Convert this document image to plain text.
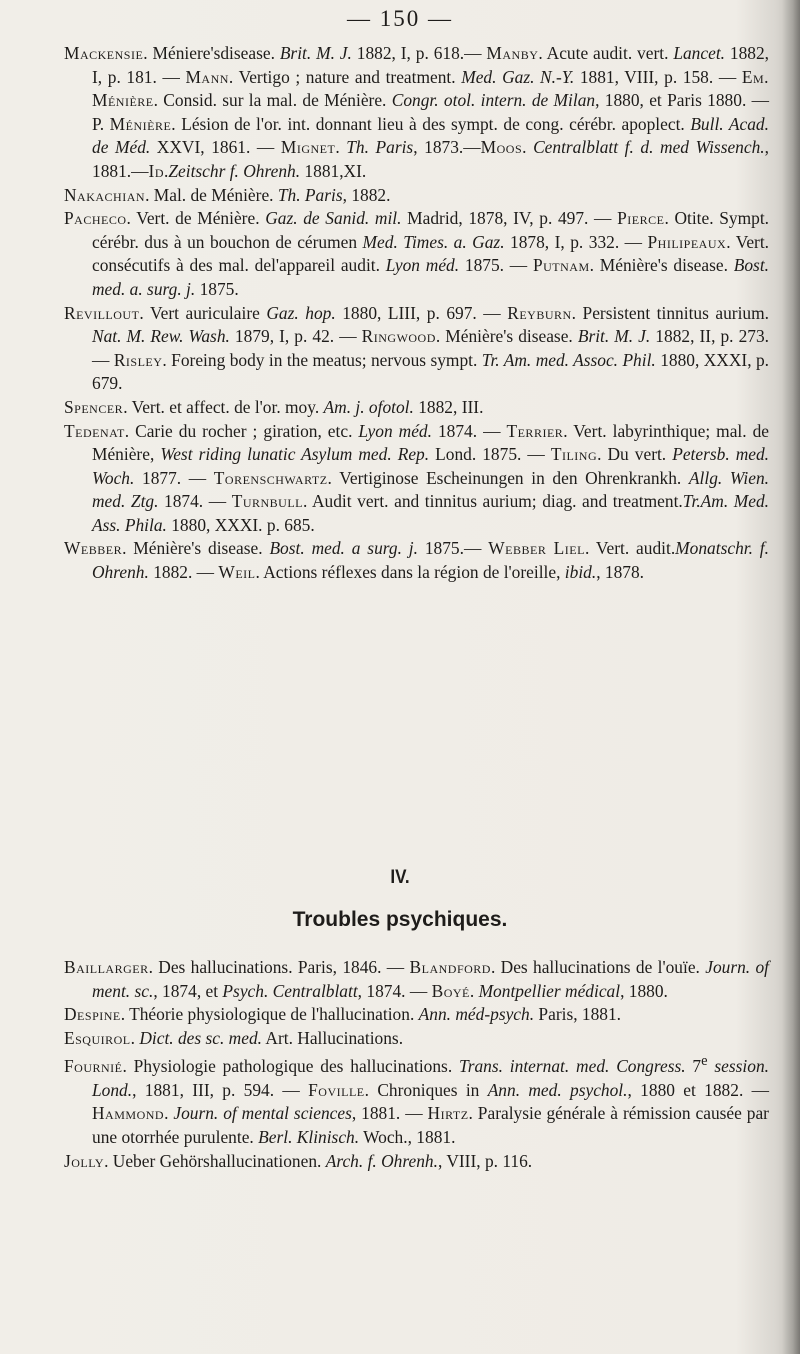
— 150 —

Mackensie. Méniere'sdisease. Brit. M. J. 1882, I, p. 618.— Manby. Acute audit. vert. Lancet. 1882, I, p. 181. — Mann. Vertigo ; nature and treatment. Med. Gaz. N.-Y. 1881, VIII, p. 158. — Em. Ménière. Consid. sur la mal. de Ménière. Congr. otol. intern. de Milan, 1880, et Paris 1880. — P. Ménière. Lésion de l'or. int. donnant lieu à des sympt. de cong. cérébr. apoplect. Bull. Acad. de Méd. XXVI, 1861. — Mignet. Th. Paris, 1873.—Moos. Centralblatt f. d. med Wissench., 1881.—Id.Zeitschr f. Ohrenh. 1881,XI.

Nakachian. Mal. de Ménière. Th. Paris, 1882.

Pacheco. Vert. de Ménière. Gaz. de Sanid. mil. Madrid, 1878, IV, p. 497. — Pierce. Otite. Sympt. cérébr. dus à un bouchon de cérumen Med. Times. a. Gaz. 1878, I, p. 332. — Philipeaux. Vert. consécutifs à des mal. del'appareil audit. Lyon méd. 1875. — Putnam. Ménière's disease. Bost. med. a. surg. j. 1875.

Revillout. Vert auriculaire Gaz. hop. 1880, LIII, p. 697. — Reyburn. Persistent tinnitus aurium. Nat. M. Rew. Wash. 1879, I, p. 42. — Ringwood. Ménière's disease. Brit. M. J. 1882, II, p. 273. — Risley. Foreing body in the meatus; nervous sympt. Tr. Am. med. Assoc. Phil. 1880, XXXI, p. 679.

Spencer. Vert. et affect. de l'or. moy. Am. j. ofotol. 1882, III.

Tedenat. Carie du rocher ; giration, etc. Lyon méd. 1874. — Terrier. Vert. labyrinthique; mal. de Ménière, West riding lunatic Asylum med. Rep. Lond. 1875. — Tiling. Du vert. Petersb. med. Woch. 1877. — Torenschwartz. Vertiginose Escheinungen in den Ohrenkrankh. Allg. Wien. med. Ztg. 1874. — Turnbull. Audit vert. and tinnitus aurium; diag. and treatment.Tr.Am. Med. Ass. Phila. 1880, XXXI. p. 685.

Webber. Ménière's disease. Bost. med. a surg. j. 1875.— Webber Liel. Vert. audit.Monatschr. f. Ohrenh. 1882. — Weil. Actions réflexes dans la région de l'oreille, ibid., 1878.

IV.
Troubles psychiques.

Baillarger. Des hallucinations. Paris, 1846. — Blandford. Des hallucinations de l'ouïe. Journ. of ment. sc., 1874, et Psych. Centralblatt, 1874. — Boyé. Montpellier médical, 1880.

Despine. Théorie physiologique de l'hallucination. Ann. méd-psych. Paris, 1881.

Esquirol. Dict. des sc. med. Art. Hallucinations.

Fournié. Physiologie pathologique des hallucinations. Trans. internat. med. Congress. 7e session. Lond., 1881, III, p. 594. — Foville. Chroniques in Ann. med. psychol., 1880 et 1882. — Hammond. Journ. of mental sciences, 1881. — Hirtz. Paralysie générale à rémission causée par une otorrhée purulente. Berl. Klinisch. Woch., 1881.

Jolly. Ueber Gehörshallucinationen. Arch. f. Ohrenh., VIII, p. 116.
